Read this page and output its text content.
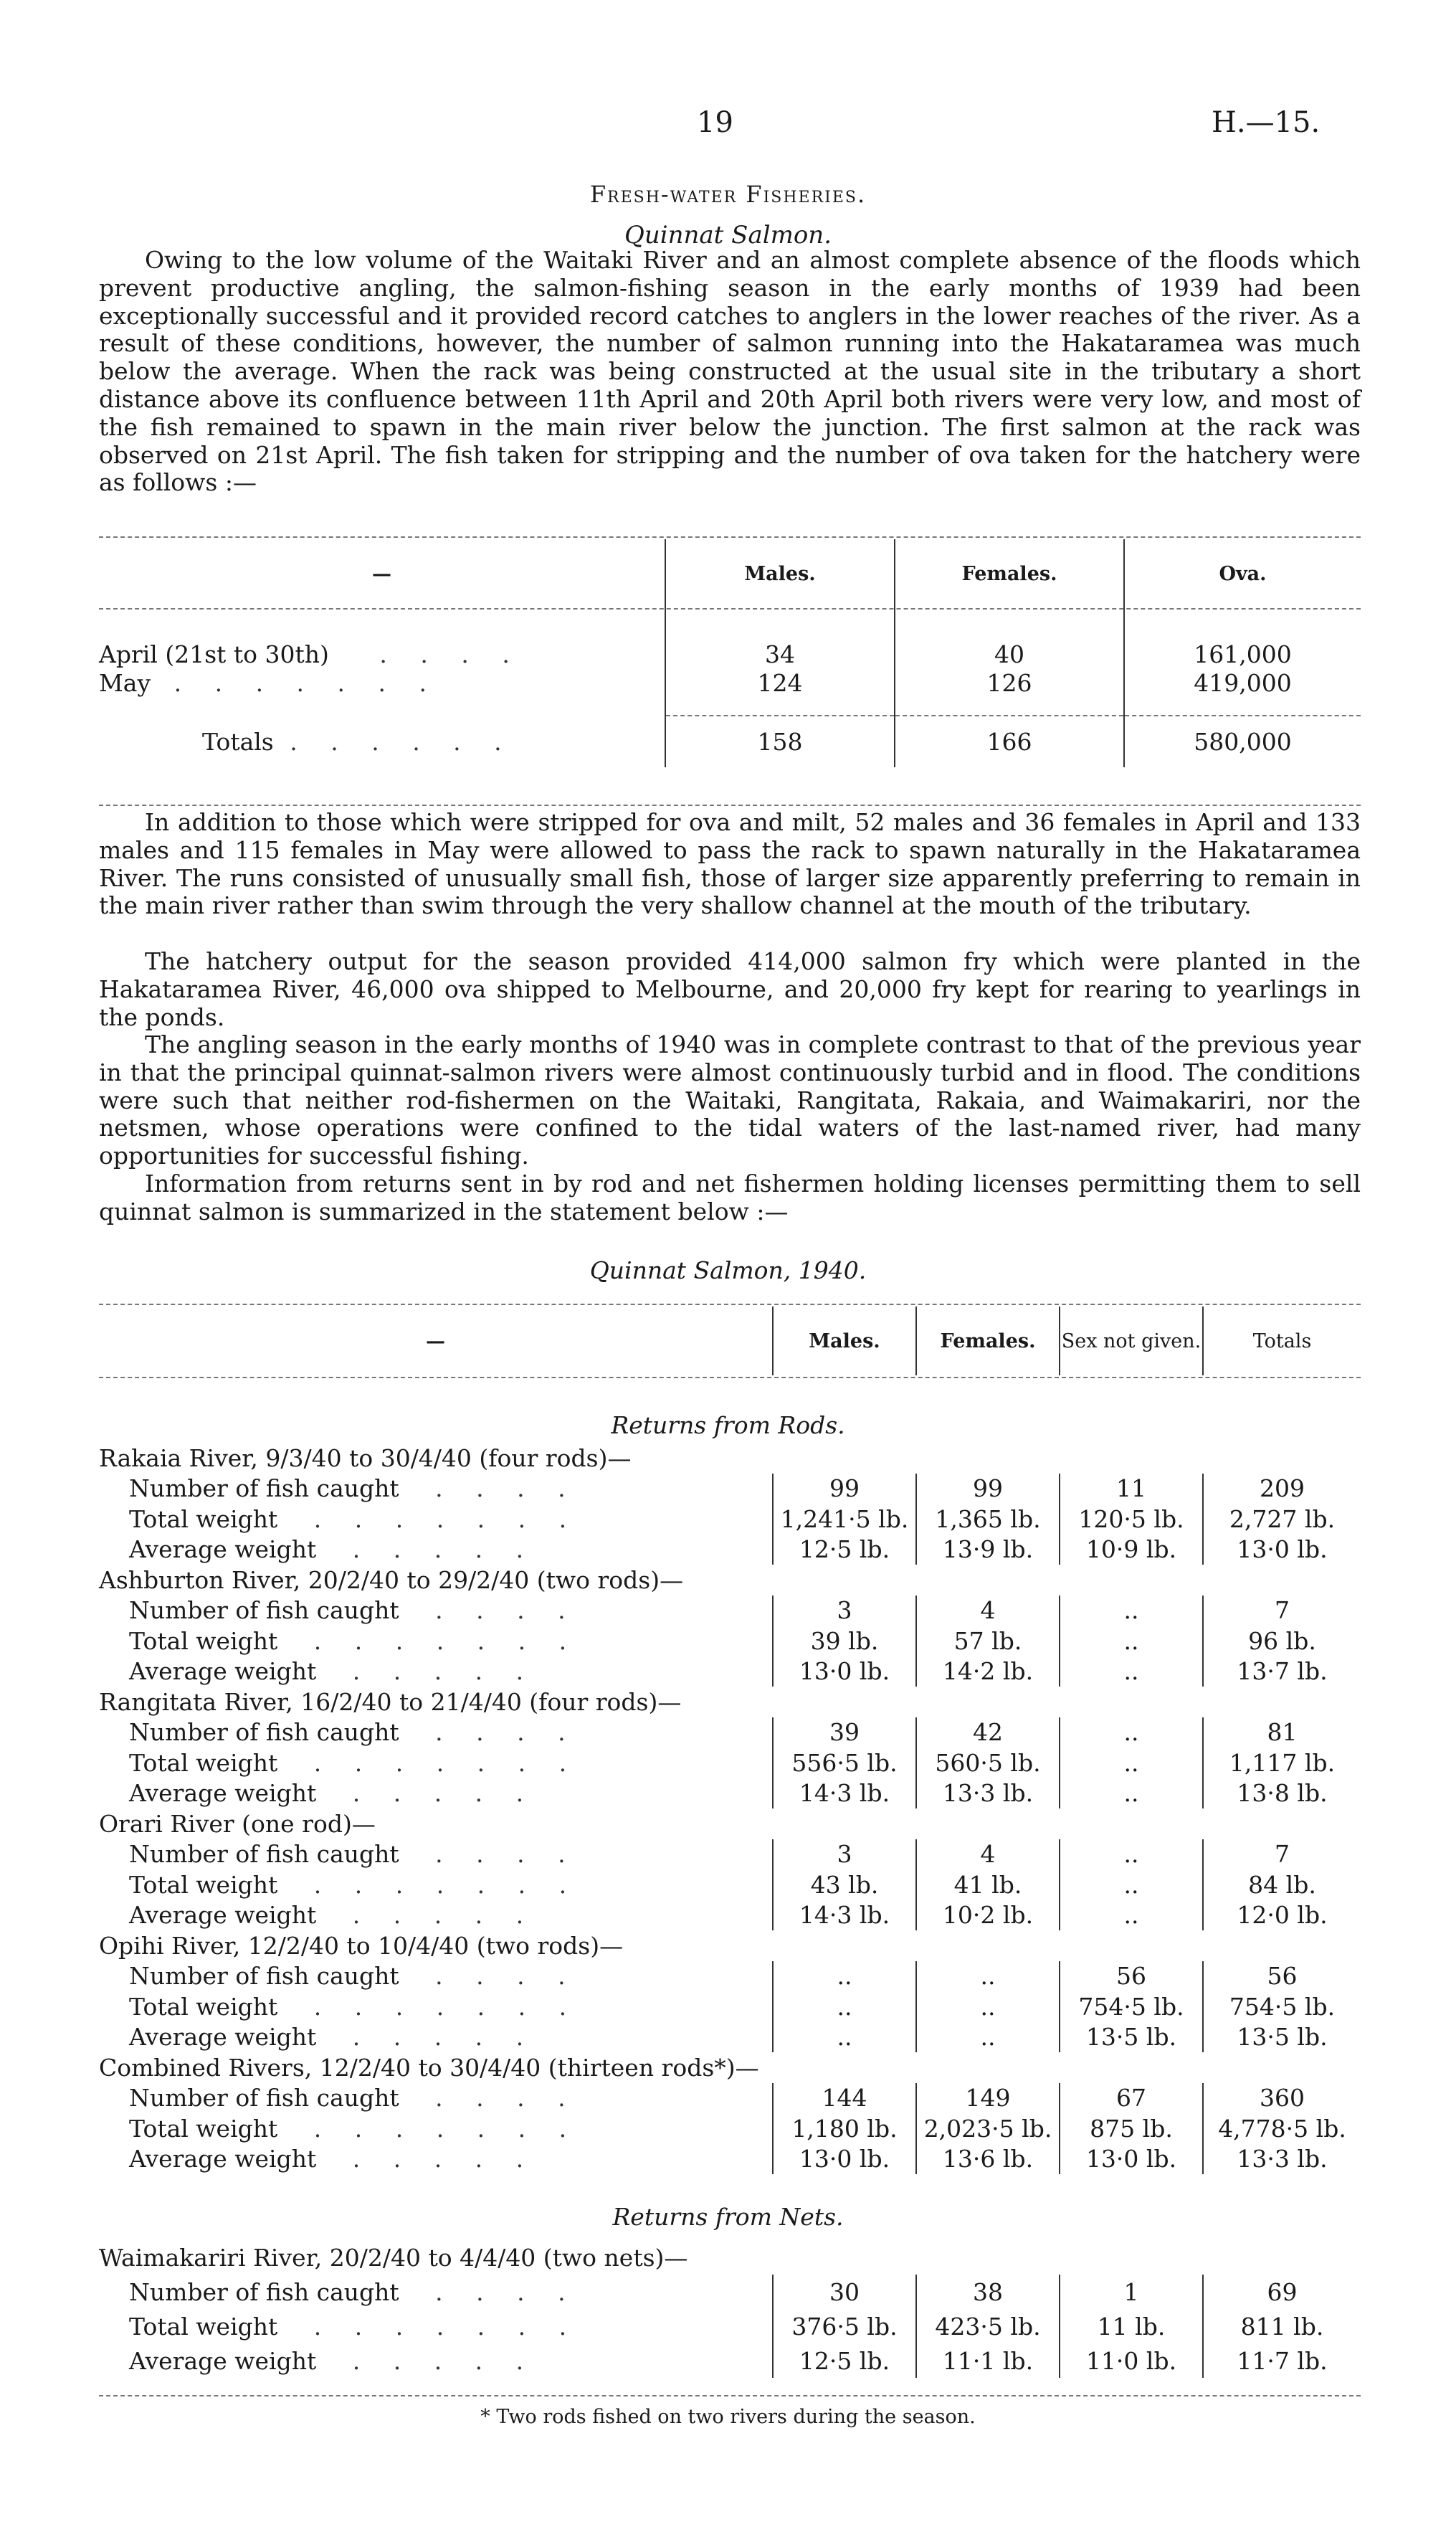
19	H.—15.
Fresh-water Fisheries.
Quinnat Salmon.

Owing to the low volume of the Waitaki River and an almost complete absence of the floods which prevent productive angling, the salmon-fishing season in the early months of 1939 had been exceptionally successful and it provided record catches to anglers in the lower reaches of the river. As a result of these conditions, however, the number of salmon running into the Hakataramea was much below the average. When the rack was being constructed at the usual site in the tributary a short distance above its confluence between 11th April and 20th April both rivers were very low, and most of the fish remained to spawn in the main river below the junction. The first salmon at the rack was observed on 21st April. The fish taken for stripping and the number of ova taken for the hatchery were as follows :—

—	Males.	Females.	Ova.

April (21st to 30th) . . . .	34	40	161,000
May . . . . . . .	124	126	419,000

Totals . . . . . .	158	166	580,000

In addition to those which were stripped for ova and milt, 52 males and 36 females in April and 133 males and 115 females in May were allowed to pass the rack to spawn naturally in the Hakataramea River. The runs consisted of unusually small fish, those of larger size apparently preferring to remain in the main river rather than swim through the very shallow channel at the mouth of the tributary.

The hatchery output for the season provided 414,000 salmon fry which were planted in the Hakataramea River, 46,000 ova shipped to Melbourne, and 20,000 fry kept for rearing to yearlings in the ponds.

The angling season in the early months of 1940 was in complete contrast to that of the previous year in that the principal quinnat-salmon rivers were almost continuously turbid and in flood. The conditions were such that neither rod-fishermen on the Waitaki, Rangitata, Rakaia, and Waimakariri, nor the netsmen, whose operations were confined to the tidal waters of the last-named river, had many opportunities for successful fishing.

Information from returns sent in by rod and net fishermen holding licenses permitting them to sell quinnat salmon is summarized in the statement below :—

Quinnat Salmon, 1940.
—	Males.	Females.	Sex not given.	Totals
Returns from Rods.
Rakaia River, 9/3/40 to 30/4/40 (four rods)—				
Number of fish caught . . . .	99	99	11	209
Total weight . . . . . . .	1,241·5 lb.	1,365 lb.	120·5 lb.	2,727 lb.
Average weight . . . . .	12·5 lb.	13·9 lb.	10·9 lb.	13·0 lb.
Ashburton River, 20/2/40 to 29/2/40 (two rods)—				
Number of fish caught . . . .	3	4	..	7
Total weight . . . . . . .	39 lb.	57 lb.	..	96 lb.
Average weight . . . . .	13·0 lb.	14·2 lb.	..	13·7 lb.
Rangitata River, 16/2/40 to 21/4/40 (four rods)—				
Number of fish caught . . . .	39	42	..	81
Total weight . . . . . . .	556·5 lb.	560·5 lb.	..	1,117 lb.
Average weight . . . . .	14·3 lb.	13·3 lb.	..	13·8 lb.
Orari River (one rod)—				
Number of fish caught . . . .	3	4	..	7
Total weight . . . . . . .	43 lb.	41 lb.	..	84 lb.
Average weight . . . . .	14·3 lb.	10·2 lb.	..	12·0 lb.
Opihi River, 12/2/40 to 10/4/40 (two rods)—				
Number of fish caught . . . .	..	..	56	56
Total weight . . . . . . .	..	..	754·5 lb.	754·5 lb.
Average weight . . . . .	..	..	13·5 lb.	13·5 lb.
Combined Rivers, 12/2/40 to 30/4/40 (thirteen rods*)—				
Number of fish caught . . . .	144	149	67	360
Total weight . . . . . . .	1,180 lb.	2,023·5 lb.	875 lb.	4,778·5 lb.
Average weight . . . . .	13·0 lb.	13·6 lb.	13·0 lb.	13·3 lb.
Returns from Nets.
Waimakariri River, 20/2/40 to 4/4/40 (two nets)—				
Number of fish caught . . . .	30	38	1	69
Total weight . . . . . . .	376·5 lb.	423·5 lb.	11 lb.	811 lb.
Average weight . . . . .	12·5 lb.	11·1 lb.	11·0 lb.	11·7 lb.
* Two rods fished on two rivers during the season.
